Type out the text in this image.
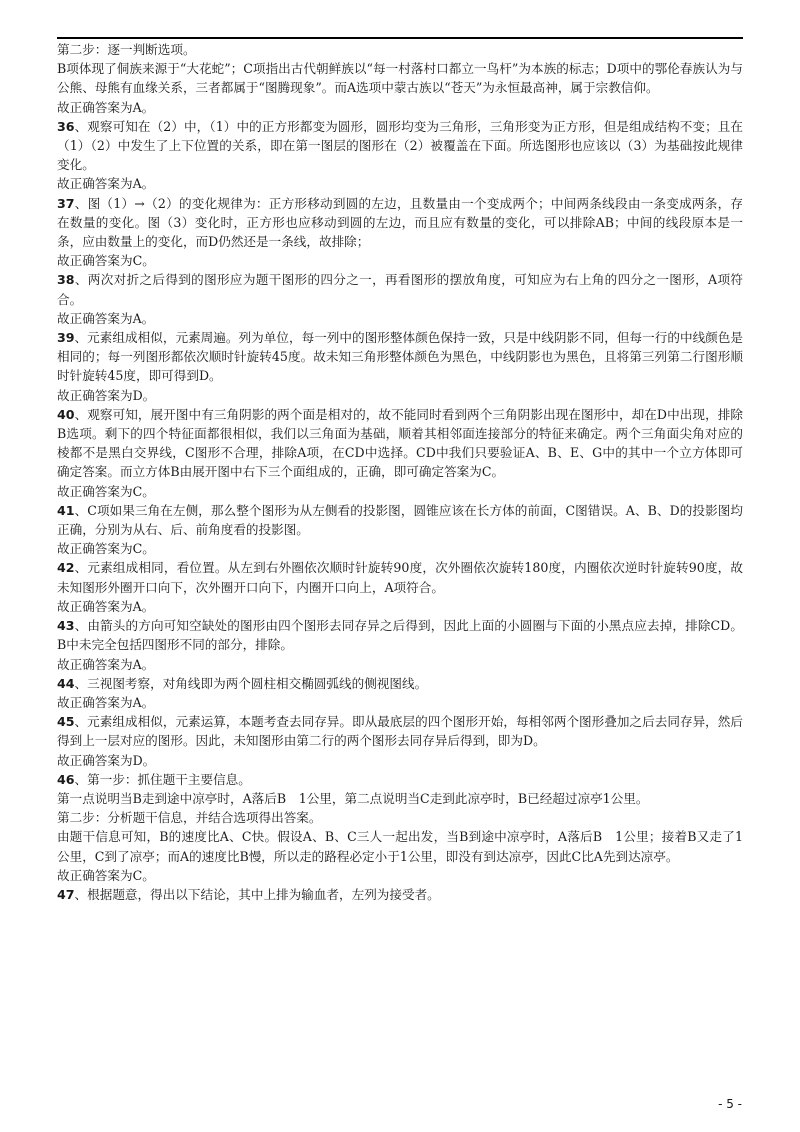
第二步：逐一判断选项。

B项体现了侗族来源于“大花蛇”；C项指出古代朝鲜族以“每一村落村口都立一鸟杆”为本族的标志；D项中的鄂伦春族认为与公熊、母熊有血缘关系，三者都属于“图腾现象”。而A选项中蒙古族以“苍天”为永恒最高神，属于宗教信仰。

故正确答案为A。

36、观察可知在（2）中，（1）中的正方形都变为圆形，圆形均变为三角形，三角形变为正方形，但是组成结构不变；且在（1）（2）中发生了上下位置的关系，即在第一图层的图形在（2）被覆盖在下面。所选图形也应该以（3）为基础按此规律变化。

故正确答案为A。

37、图（1）→（2）的变化规律为：正方形移动到圆的左边，且数量由一个变成两个；中间两条线段由一条变成两条，存在数量的变化。图（3）变化时，正方形也应移动到圆的左边，而且应有数量的变化，可以排除AB；中间的线段原本是一条，应由数量上的变化，而D仍然还是一条线，故排除；

故正确答案为C。

38、两次对折之后得到的图形应为题干图形的四分之一，再看图形的摆放角度，可知应为右上角的四分之一图形，A项符合。

故正确答案为A。

39、元素组成相似，元素周遍。列为单位，每一列中的图形整体颜色保持一致，只是中线阴影不同，但每一行的中线颜色是相同的；每一列图形都依次顺时针旋转45度。故未知三角形整体颜色为黑色，中线阴影也为黑色，且将第三列第二行图形顺时针旋转45度，即可得到D。

故正确答案为D。

40、观察可知，展开图中有三角阴影的两个面是相对的，故不能同时看到两个三角阴影出现在图形中，却在D中出现，排除B选项。剩下的四个特征面都很相似，我们以三角面为基础，顺着其相邻面连接部分的特征来确定。两个三角面尖角对应的棱都不是黑白交界线，C图形不合理，排除A项，在CD中选择。CD中我们只要验证A、B、E、G中的其中一个立方体即可确定答案。而立方体B由展开图中右下三个面组成的，正确，即可确定答案为C。

故正确答案为C。

41、C项如果三角在左侧，那么整个图形为从左侧看的投影图，圆锥应该在长方体的前面，C图错误。A、B、D的投影图均正确，分别为从右、后、前角度看的投影图。

故正确答案为C。

42、元素组成相同，看位置。从左到右外圈依次顺时针旋转90度，次外圈依次旋转180度，内圈依次逆时针旋转90度，故未知图形外圈开口向下，次外圈开口向下，内圈开口向上，A项符合。

故正确答案为A。

43、由箭头的方向可知空缺处的图形由四个图形去同存异之后得到，因此上面的小圆圈与下面的小黑点应去掉，排除CD。B中未完全包括四图形不同的部分，排除。

故正确答案为A。

44、三视图考察，对角线即为两个圆柱相交椭圆弧线的侧视图线。

故正确答案为A。

45、元素组成相似，元素运算，本题考查去同存异。即从最底层的四个图形开始，每相邻两个图形叠加之后去同存异，然后得到上一层对应的图形。因此，未知图形由第二行的两个图形去同存异后得到，即为D。

故正确答案为D。

46、第一步：抓住题干主要信息。

第一点说明当B走到途中凉亭时，A落后B　1公里，第二点说明当C走到此凉亭时，B已经超过凉亭1公里。

第二步：分析题干信息，并结合选项得出答案。

由题干信息可知，B的速度比A、C快。假设A、B、C三人一起出发，当B到途中凉亭时，A落后B　1公里；接着B又走了1公里，C到了凉亭；而A的速度比B慢，所以走的路程必定小于1公里，即没有到达凉亭，因此C比A先到达凉亭。

故正确答案为C。

47、根据题意，得出以下结论，其中上排为输血者，左列为接受者。

- 5 -
